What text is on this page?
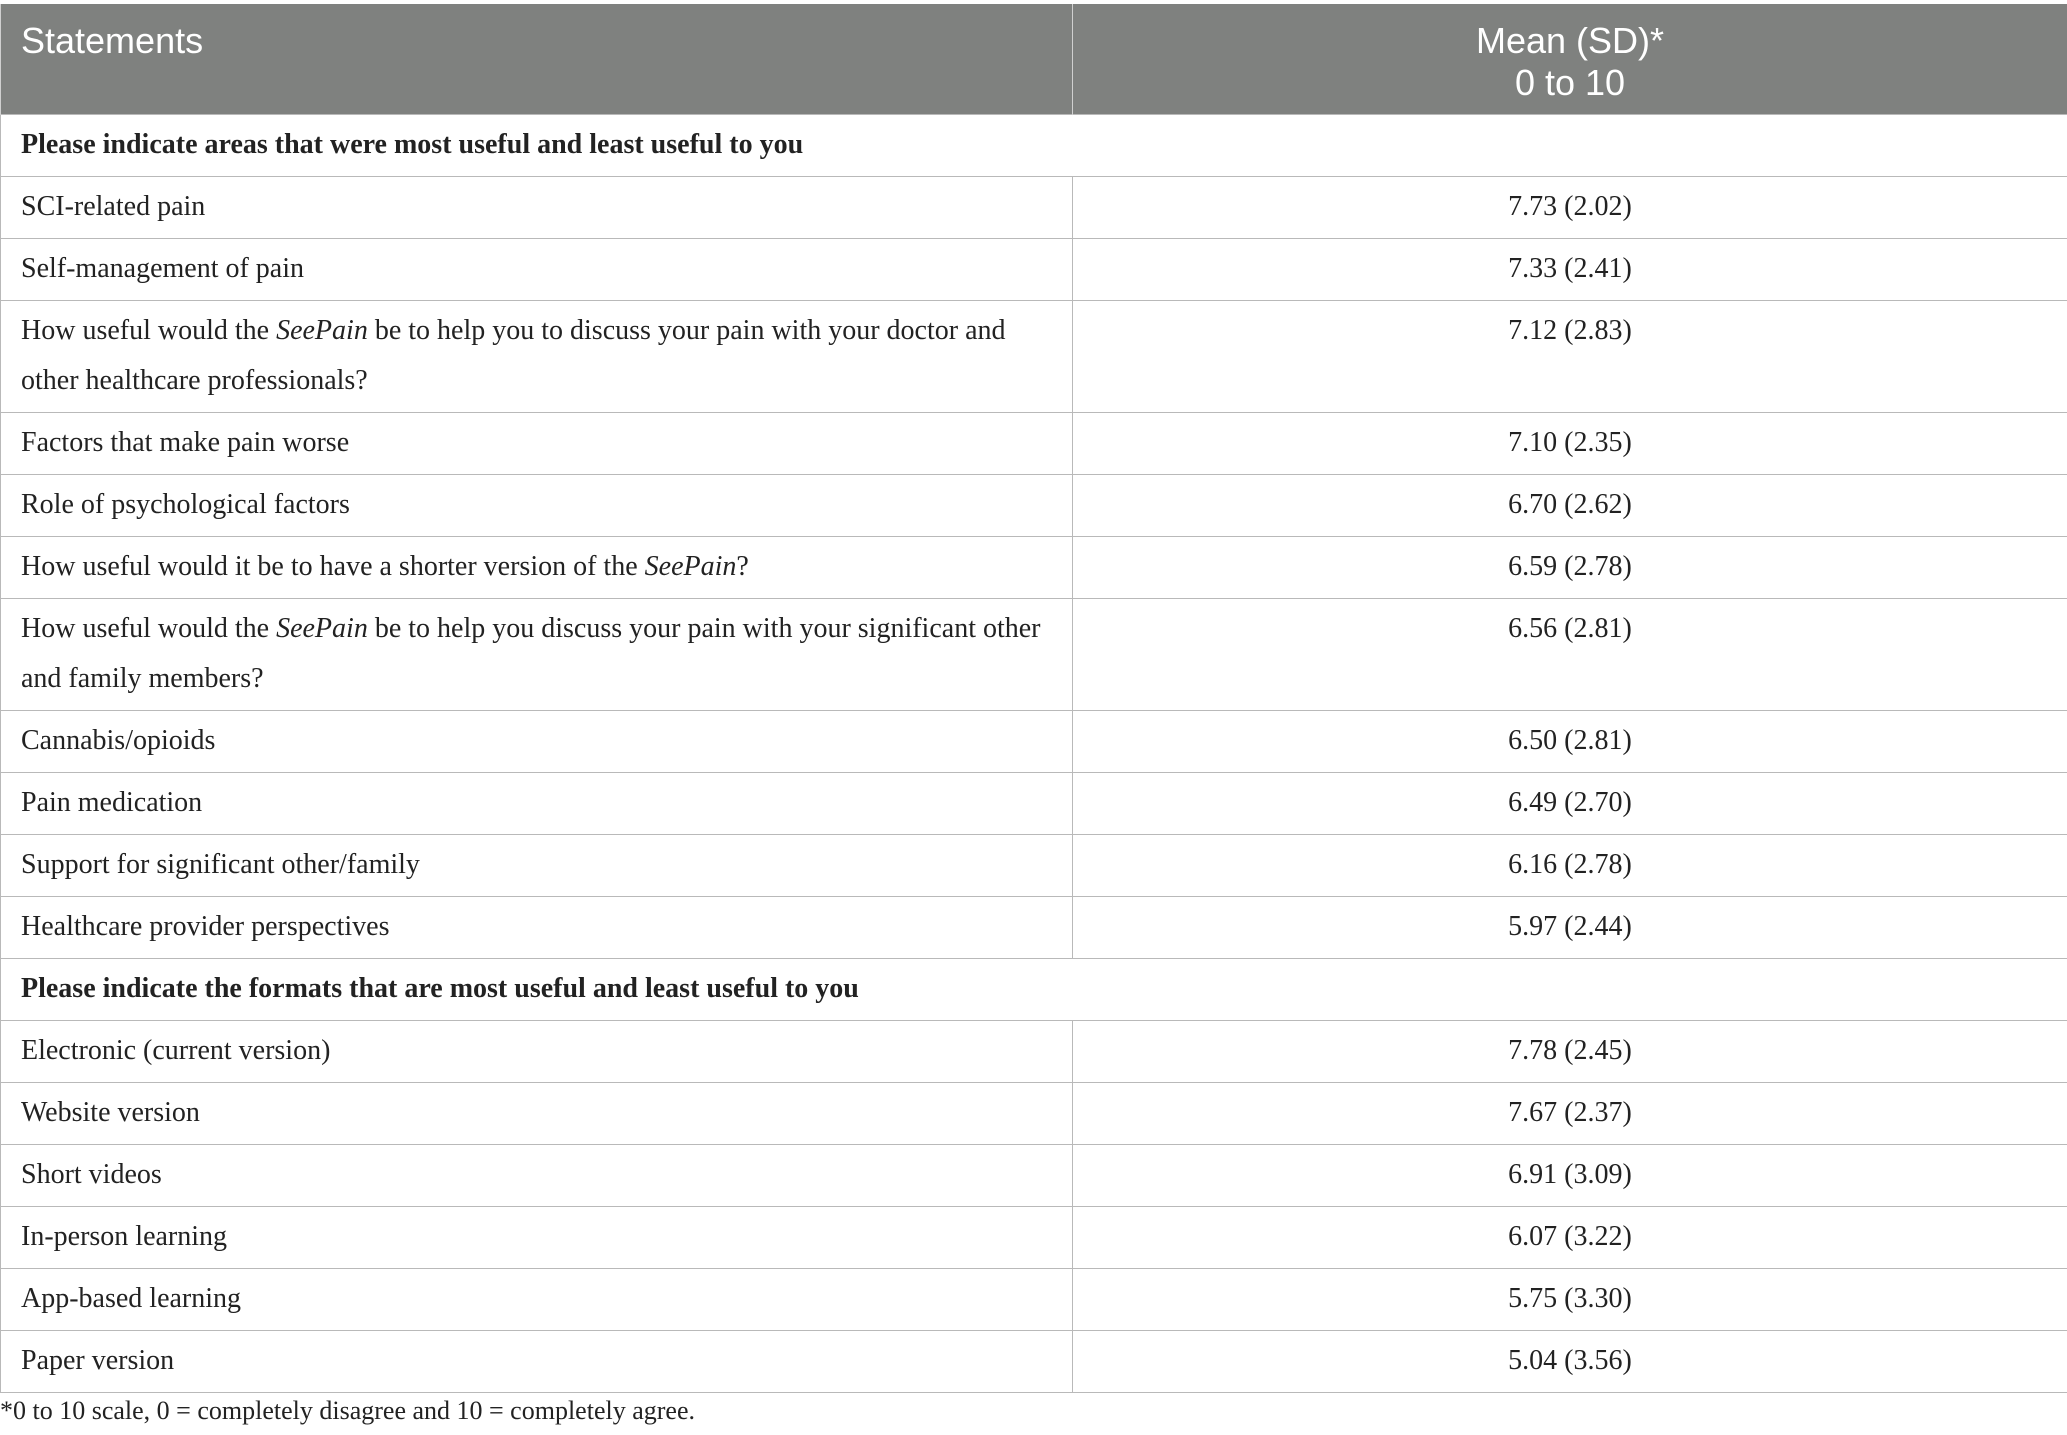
Statements	Mean (SD)*
0 to 10

Please indicate areas that were most useful and least useful to you	
SCI-related pain	7.73 (2.02)
Self-management of pain	7.33 (2.41)
How useful would the SeePain be to help you to discuss your pain with your doctor and other healthcare professionals?	7.12 (2.83)
Factors that make pain worse	7.10 (2.35)
Role of psychological factors	6.70 (2.62)
How useful would it be to have a shorter version of the SeePain?	6.59 (2.78)
How useful would the SeePain be to help you discuss your pain with your significant other and family members?	6.56 (2.81)
Cannabis/opioids	6.50 (2.81)
Pain medication	6.49 (2.70)
Support for significant other/family	6.16 (2.78)
Healthcare provider perspectives	5.97 (2.44)
Please indicate the formats that are most useful and least useful to you	
Electronic (current version)	7.78 (2.45)
Website version	7.67 (2.37)
Short videos	6.91 (3.09)
In-person learning	6.07 (3.22)
App-based learning	5.75 (3.30)
Paper version	5.04 (3.56)
*0 to 10 scale, 0 = completely disagree and 10 = completely agree.
